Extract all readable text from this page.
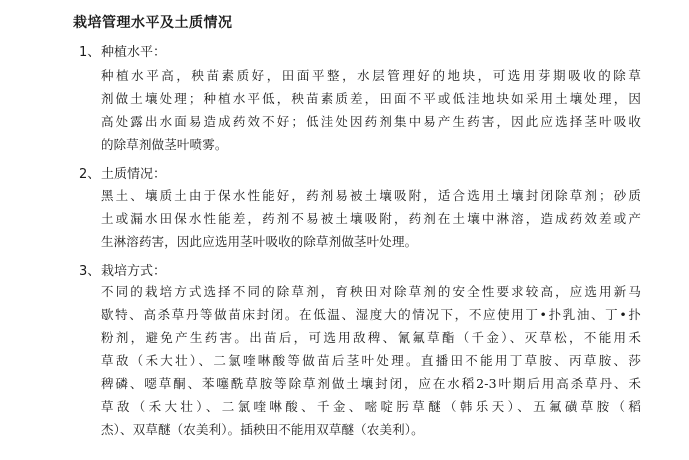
栽培管理水平及土质情况
1、种植水平：
种植水平高，秧苗素质好，田面平整，水层管理好的地块，可选用芽期吸收的除草
剂做土壤处理；种植水平低，秧苗素质差，田面不平或低洼地块如采用土壤处理，因
高处露出水面易造成药效不好；低洼处因药剂集中易产生药害，因此应选择茎叶吸收
的除草剂做茎叶喷雾。
2、土质情况：
黑土、壤质土由于保水性能好，药剂易被土壤吸附，适合选用土壤封闭除草剂；砂质
土或漏水田保水性能差，药剂不易被土壤吸附，药剂在土壤中淋溶，造成药效差或产
生淋溶药害，因此应选用茎叶吸收的除草剂做茎叶处理。
3、栽培方式：
不同的栽培方式选择不同的除草剂，育秧田对除草剂的安全性要求较高，应选用新马
歇特、高杀草丹等做苗床封闭。在低温、湿度大的情况下，不应使用丁•扑乳油、丁•扑
粉剂，避免产生药害。出苗后，可选用敌稗、氰氟草酯（千金）、灭草松，不能用禾
草敌（禾大壮）、二氯喹啉酸等做苗后茎叶处理。直播田不能用丁草胺、丙草胺、莎
稗磷、噁草酮、苯噻酰草胺等除草剂做土壤封闭，应在水稻2-3叶期后用高杀草丹、禾
草敌（禾大壮）、二氯喹啉酸、千金、嘧啶肟草醚（韩乐天）、五氟磺草胺（稻
杰）、双草醚（农美利）。插秧田不能用双草醚（农美利）。
